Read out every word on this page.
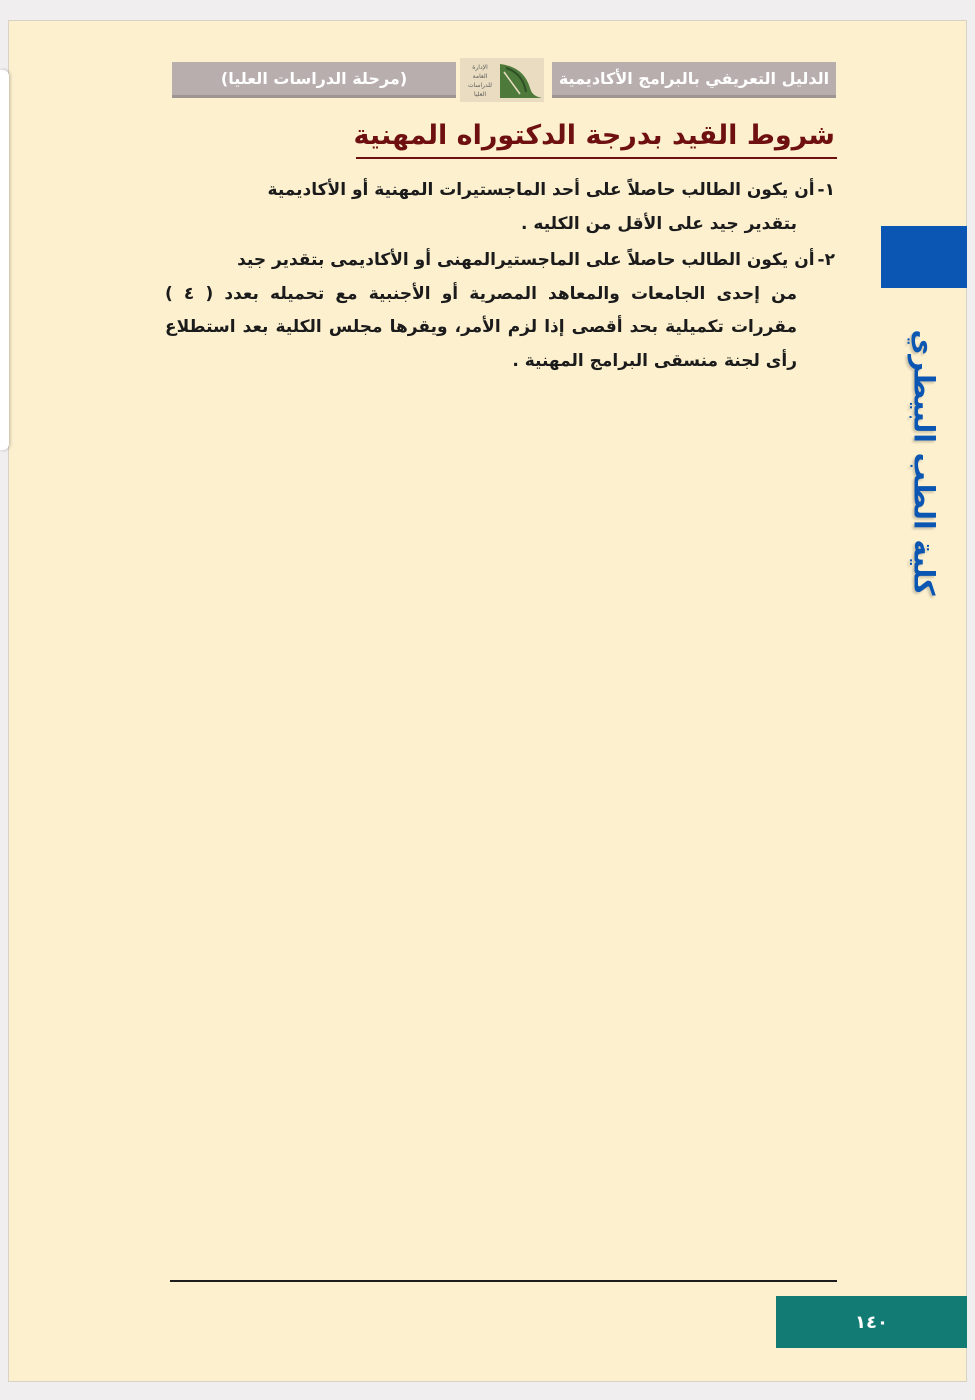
الدليل التعريفي بالبرامج الأكاديمية
الإدارة
العامة
للدراسات
العليا
(مرحلة الدراسات العليا)
شروط القيد بدرجة الدكتوراه المهنية
١-أن يكون الطالب حاصلاً على أحد الماجستيرات المهنية أو الأكاديمية

بتقدير جيد على الأقل من الكليه .
٢-أن يكون الطالب حاصلاً على الماجستيرالمهنى أو الأكاديمى بتقدير جيد

من إحدى الجامعات والمعاهد المصرية أو الأجنبية مع تحميله بعدد ( ٤ ) مقررات تكميلية بحد أقصى إذا لزم الأمر، ويقرها مجلس الكلية بعد استطلاع رأى لجنة منسقى البرامج المهنية .	كلية الطب البيطري
١٤٠
